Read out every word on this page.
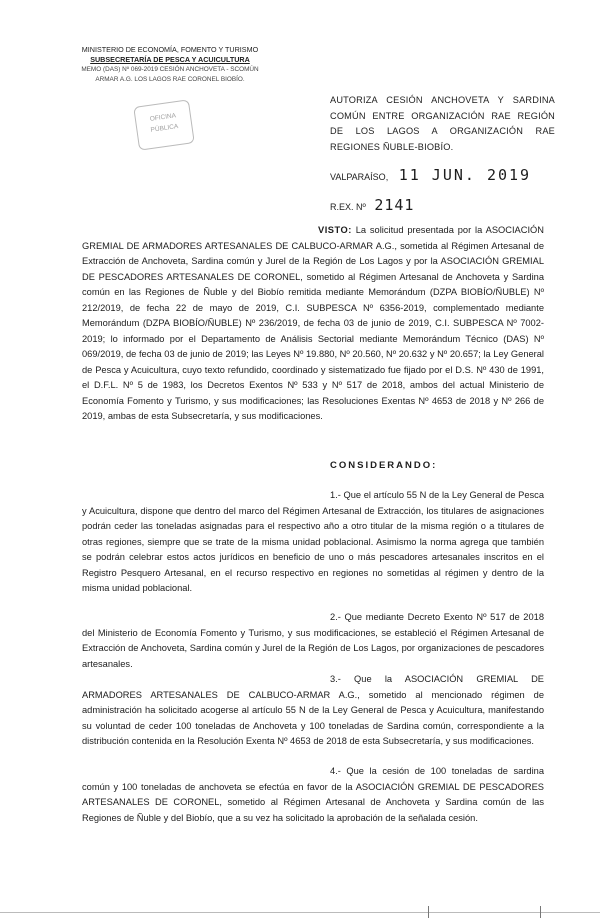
MINISTERIO DE ECONOMÍA, FOMENTO Y TURISMO
SUBSECRETARÍA DE PESCA Y ACUICULTURA
MEMO (DAS) Nº 069-2019 CESIÓN ANCHOVETA - SCOMÚN
ARMAR A.G. LOS LAGOS RAE CORONEL BIOBÍO.
OFICINA
PÚBLICA
AUTORIZA CESIÓN ANCHOVETA Y SARDINA COMÚN ENTRE ORGANIZACIÓN RAE REGIÓN DE LOS LAGOS A ORGANIZACIÓN RAE REGIONES ÑUBLE-BIOBÍO.
VALPARAÍSO, 11 JUN. 2019
R.EX. Nº 2141
VISTO: La solicitud presentada por la ASOCIACIÓN GREMIAL DE ARMADORES ARTESANALES DE CALBUCO-ARMAR A.G., sometida al Régimen Artesanal de Extracción de Anchoveta, Sardina común y Jurel de la Región de Los Lagos y por la ASOCIACIÓN GREMIAL DE PESCADORES ARTESANALES DE CORONEL, sometido al Régimen Artesanal de Anchoveta y Sardina común en las Regiones de Ñuble y del Biobío remitida mediante Memorándum (DZPA BIOBÍO/ÑUBLE) Nº 212/2019, de fecha 22 de mayo de 2019, C.I. SUBPESCA Nº 6356-2019, complementado mediante Memorándum (DZPA BIOBÍO/ÑUBLE) Nº 236/2019, de fecha 03 de junio de 2019, C.I. SUBPESCA Nº 7002-2019; lo informado por el Departamento de Análisis Sectorial mediante Memorándum Técnico (DAS) Nº 069/2019, de fecha 03 de junio de 2019; las Leyes Nº 19.880, Nº 20.560, Nº 20.632 y Nº 20.657; la Ley General de Pesca y Acuicultura, cuyo texto refundido, coordinado y sistematizado fue fijado por el D.S. Nº 430 de 1991, el D.F.L. Nº 5 de 1983, los Decretos Exentos Nº 533 y Nº 517 de 2018, ambos del actual Ministerio de Economía Fomento y Turismo, y sus modificaciones; las Resoluciones Exentas Nº 4653 de 2018 y Nº 266 de 2019, ambas de esta Subsecretaría, y sus modificaciones.
CONSIDERANDO:
1.- Que el artículo 55 N de la Ley General de Pesca y Acuicultura, dispone que dentro del marco del Régimen Artesanal de Extracción, los titulares de asignaciones podrán ceder las toneladas asignadas para el respectivo año a otro titular de la misma región o a titulares de otras regiones, siempre que se trate de la misma unidad poblacional. Asimismo la norma agrega que también se podrán celebrar estos actos jurídicos en beneficio de uno o más pescadores artesanales inscritos en el Registro Pesquero Artesanal, en el recurso respectivo en regiones no sometidas al régimen y dentro de la misma unidad poblacional.
2.- Que mediante Decreto Exento Nº 517 de 2018 del Ministerio de Economía Fomento y Turismo, y sus modificaciones, se estableció el Régimen Artesanal de Extracción de Anchoveta, Sardina común y Jurel de la Región de Los Lagos, por organizaciones de pescadores artesanales.
3.- Que la ASOCIACIÓN GREMIAL DE ARMADORES ARTESANALES DE CALBUCO-ARMAR A.G., sometido al mencionado régimen de administración ha solicitado acogerse al artículo 55 N de la Ley General de Pesca y Acuicultura, manifestando su voluntad de ceder 100 toneladas de Anchoveta y 100 toneladas de Sardina común, correspondiente a la distribución contenida en la Resolución Exenta Nº 4653 de 2018 de esta Subsecretaría, y sus modificaciones.
4.- Que la cesión de 100 toneladas de sardina común y 100 toneladas de anchoveta se efectúa en favor de la ASOCIACIÓN GREMIAL DE PESCADORES ARTESANALES DE CORONEL, sometido al Régimen Artesanal de Anchoveta y Sardina común de las Regiones de Ñuble y del Biobío, que a su vez ha solicitado la aprobación de la señalada cesión.
